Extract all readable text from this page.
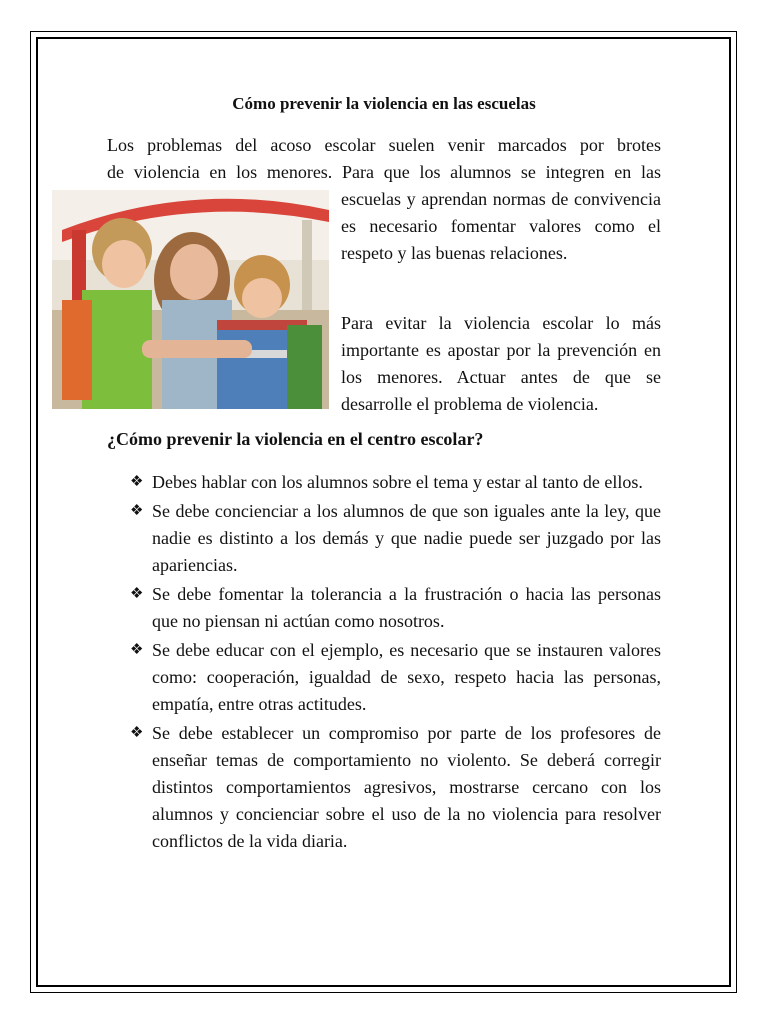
Cómo prevenir la violencia en las escuelas

Los problemas del acoso escolar suelen venir marcados por brotes

de violencia en los menores. Para que los alumnos se integren en las

escuelas y aprendan normas de convivencia es necesario fomentar valores como el respeto y las buenas relaciones.

Para evitar la violencia escolar lo más importante es apostar por la prevención en los menores. Actuar antes de que se desarrolle el problema de violencia.

¿Cómo prevenir la violencia en el centro escolar?
❖ Debes hablar con los alumnos sobre el tema y estar al tanto de ellos.
❖ Se debe concienciar a los alumnos de que son iguales ante la ley, que nadie es distinto a los demás y que nadie puede ser juzgado por las apariencias.
❖ Se debe fomentar la tolerancia a la frustración o hacia las personas que no piensan ni actúan como nosotros.
❖ Se debe educar con el ejemplo, es necesario que se instauren valores como: cooperación, igualdad de sexo, respeto hacia las personas, empatía, entre otras actitudes.
❖ Se debe establecer un compromiso por parte de los profesores de enseñar temas de comportamiento no violento. Se deberá corregir distintos comportamientos agresivos, mostrarse cercano con los alumnos y concienciar sobre el uso de la no violencia para resolver conflictos de la vida diaria.
